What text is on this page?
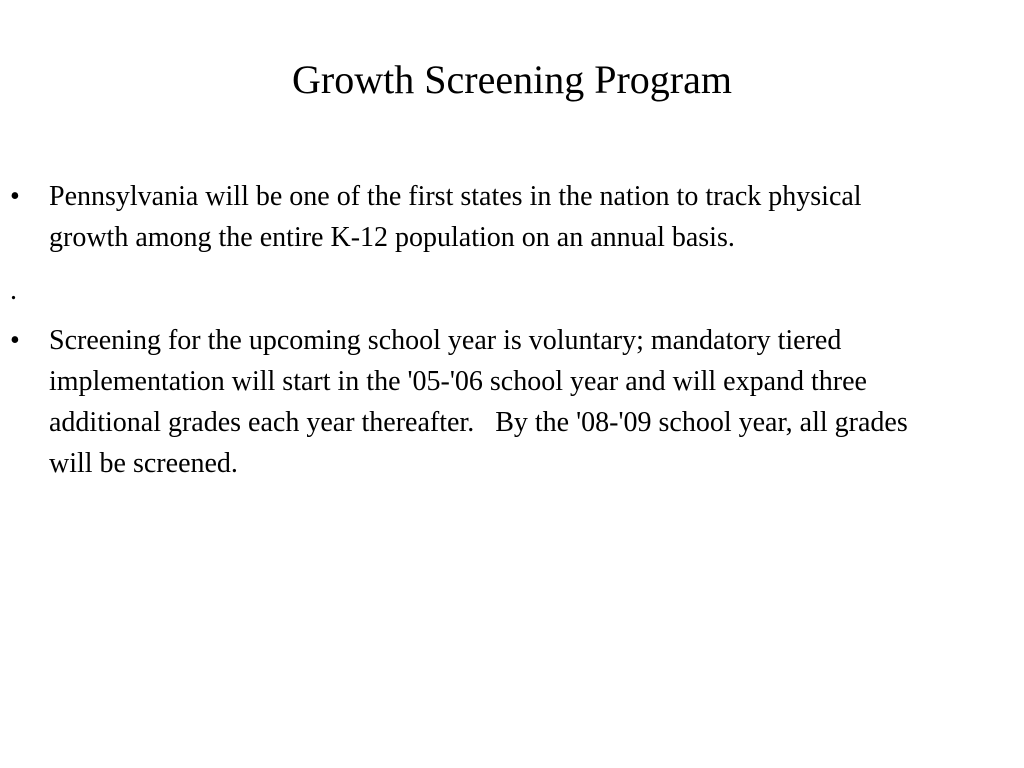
Growth Screening Program
• Pennsylvania will be one of the first states in the nation to track physical growth among the entire K-12 population on an annual basis.
.
• Screening for the upcoming school year is voluntary; mandatory tiered implementation will start in the '05-'06 school year and will expand three additional grades each year thereafter.   By the '08-'09 school year, all grades will be screened.
